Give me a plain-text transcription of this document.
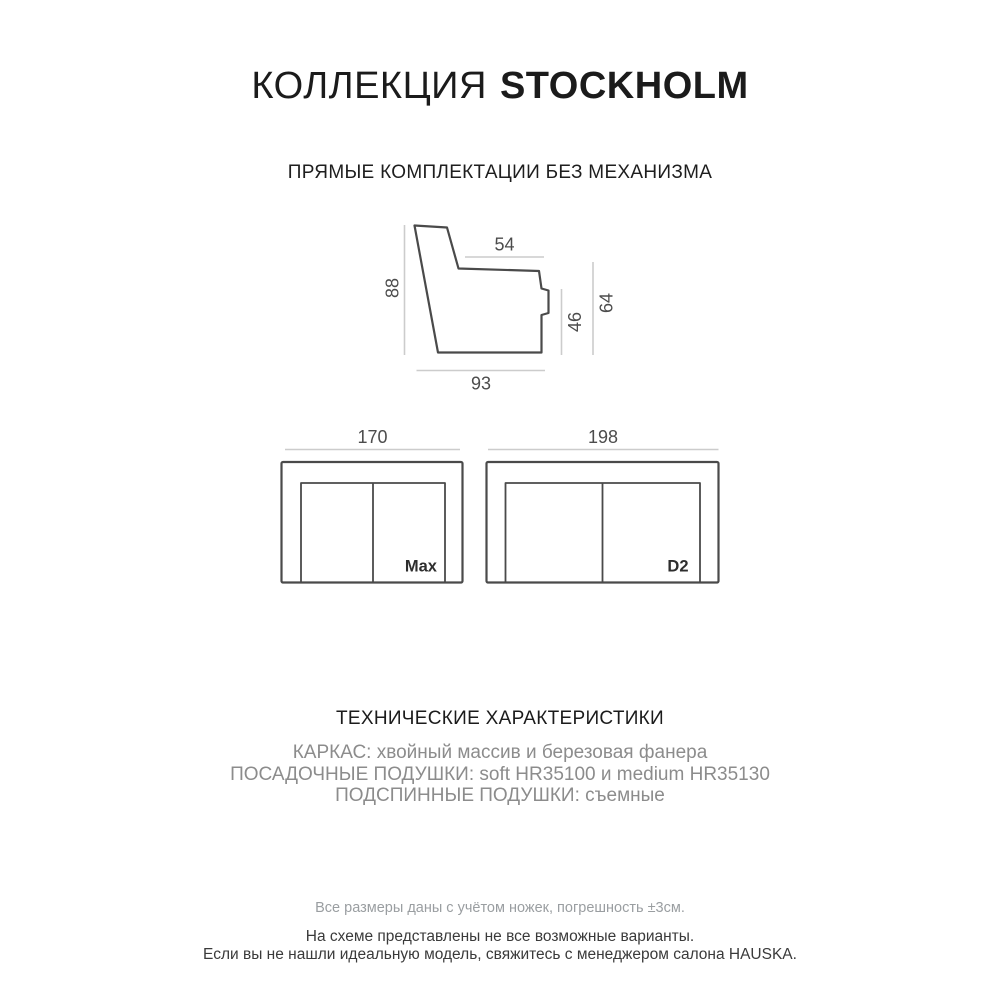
КОЛЛЕКЦИЯ STOCKHOLM
ПРЯМЫЕ КОМПЛЕКТАЦИИ БЕЗ МЕХАНИЗМА
88
54
46
64
93
170
Max
198
D2
ТЕХНИЧЕСКИЕ ХАРАКТЕРИСТИКИ
КАРКАС: хвойный массив и березовая фанера
ПОСАДОЧНЫЕ ПОДУШКИ: soft HR35100 и medium HR35130
ПОДСПИННЫЕ ПОДУШКИ: съемные
Все размеры даны с учётом ножек, погрешность ±3см.
На схеме представлены не все возможные варианты.
Если вы не нашли идеальную модель, свяжитесь с менеджером салона HAUSKA.
